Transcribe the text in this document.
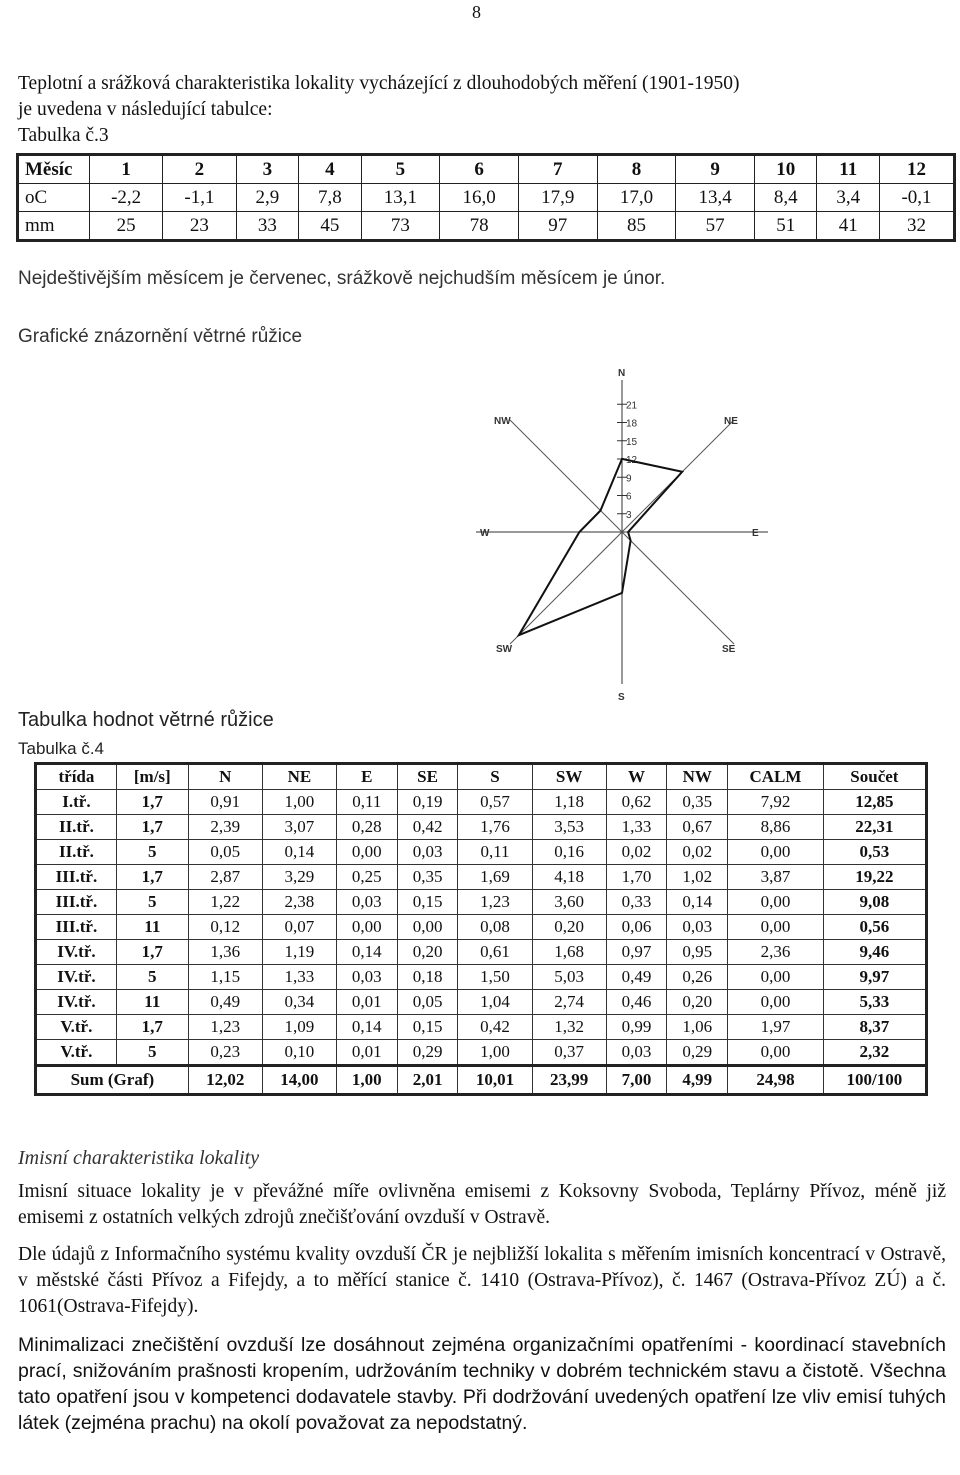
8
Teplotní a srážková charakteristika lokality vycházející z dlouhodobých měření (1901-1950)
je uvedena v následující tabulce:
Tabulka č.3
Měsíc	1	2	3	4	5	6	7	8	9	10	11	12
oC	-2,2	-1,1	2,9	7,8	13,1	16,0	17,9	17,0	13,4	8,4	3,4	-0,1
mm	25	23	33	45	73	78	97	85	57	51	41	32
Nejdeštivějším měsícem je červenec, srážkově nejchudším měsícem je únor.
Grafické znázornění větrné růžice
21
18
15
12
9
6
3
N
S
E
W
NE
NW
SE
SW
Tabulka hodnot větrné růžice
Tabulka č.4
třída	[m/s]	N	NE	E	SE	S	SW	W	NW	CALM	Součet
I.tř.	1,7	0,91	1,00	0,11	0,19	0,57	1,18	0,62	0,35	7,92	12,85
II.tř.	1,7	2,39	3,07	0,28	0,42	1,76	3,53	1,33	0,67	8,86	22,31
II.tř.	5	0,05	0,14	0,00	0,03	0,11	0,16	0,02	0,02	0,00	0,53
III.tř.	1,7	2,87	3,29	0,25	0,35	1,69	4,18	1,70	1,02	3,87	19,22
III.tř.	5	1,22	2,38	0,03	0,15	1,23	3,60	0,33	0,14	0,00	9,08
III.tř.	11	0,12	0,07	0,00	0,00	0,08	0,20	0,06	0,03	0,00	0,56
IV.tř.	1,7	1,36	1,19	0,14	0,20	0,61	1,68	0,97	0,95	2,36	9,46
IV.tř.	5	1,15	1,33	0,03	0,18	1,50	5,03	0,49	0,26	0,00	9,97
IV.tř.	11	0,49	0,34	0,01	0,05	1,04	2,74	0,46	0,20	0,00	5,33
V.tř.	1,7	1,23	1,09	0,14	0,15	0,42	1,32	0,99	1,06	1,97	8,37
V.tř.	5	0,23	0,10	0,01	0,29	1,00	0,37	0,03	0,29	0,00	2,32
Sum (Graf)		12,02	14,00	1,00	2,01	10,01	23,99	7,00	4,99	24,98	100/100
Imisní charakteristika lokality
Imisní situace lokality je v převážné míře ovlivněna emisemi z Koksovny Svoboda, Teplárny Přívoz, méně již emisemi z ostatních velkých zdrojů znečišťování ovzduší v Ostravě.
Dle údajů z Informačního systému kvality ovzduší ČR je nejbližší lokalita s měřením imisních koncentrací v Ostravě, v městské části Přívoz a Fifejdy, a to měřící stanice č. 1410 (Ostrava-Přívoz), č. 1467 (Ostrava-Přívoz ZÚ) a č. 1061(Ostrava-Fifejdy).
Minimalizaci znečištění ovzduší lze dosáhnout zejména organizačními opatřeními - koordinací stavebních prací, snižováním prašnosti kropením, udržováním techniky v dobrém technickém stavu a čistotě. Všechna tato opatření jsou v kompetenci dodavatele stavby. Při dodržování uvedených opatření lze vliv emisí tuhých látek (zejména prachu) na okolí považovat za nepodstatný.
